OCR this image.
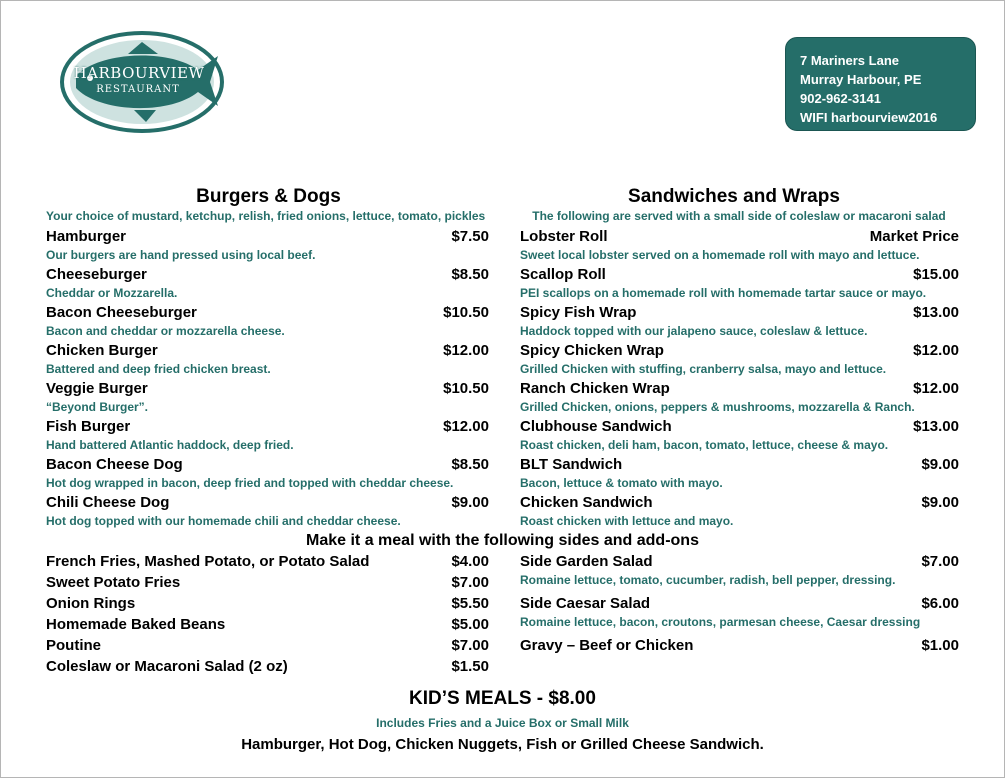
HARBOURVIEW
RESTAURANT
7 Mariners Lane
Murray Harbour, PE
902-962-3141
WIFI harbourview2016
Burgers & Dogs
Your choice of mustard, ketchup, relish, fried onions, lettuce, tomato, pickles
Hamburger	$7.50
Our burgers are hand pressed using local beef.
Cheeseburger	$8.50
Cheddar or Mozzarella.
Bacon Cheeseburger	$10.50
Bacon and cheddar or mozzarella cheese.
Chicken Burger	$12.00
Battered and deep fried chicken breast.
Veggie Burger	$10.50
“Beyond Burger”.
Fish Burger	$12.00
Hand battered Atlantic haddock, deep fried.
Bacon Cheese Dog	$8.50
Hot dog wrapped in bacon, deep fried and topped with cheddar cheese.
Chili Cheese Dog	$9.00
Hot dog topped with our homemade chili and cheddar cheese.
Sandwiches and Wraps
The following are served with a small side of coleslaw or macaroni salad
Lobster Roll	Market Price
Sweet local lobster served on a homemade roll with mayo and lettuce.
Scallop Roll	$15.00
PEI scallops on a homemade roll with homemade tartar sauce or mayo.
Spicy Fish Wrap	$13.00
Haddock topped with our jalapeno sauce, coleslaw & lettuce.
Spicy Chicken Wrap	$12.00
Grilled Chicken with stuffing, cranberry salsa, mayo and lettuce.
Ranch Chicken Wrap	$12.00
Grilled Chicken, onions, peppers & mushrooms, mozzarella & Ranch.
Clubhouse Sandwich	$13.00
Roast chicken, deli ham, bacon, tomato, lettuce, cheese & mayo.
BLT Sandwich	$9.00
Bacon, lettuce & tomato with mayo.
Chicken Sandwich	$9.00
Roast chicken with lettuce and mayo.
Make it a meal with the following sides and add-ons
French Fries, Mashed Potato, or Potato Salad	$4.00
Sweet Potato Fries	$7.00
Onion Rings	$5.50
Homemade Baked Beans	$5.00
Poutine	$7.00
Coleslaw or Macaroni Salad (2 oz)	$1.50
Side Garden Salad	$7.00
Romaine lettuce, tomato, cucumber, radish, bell pepper, dressing.
Side Caesar Salad	$6.00
Romaine lettuce, bacon, croutons, parmesan cheese, Caesar dressing
Gravy – Beef or Chicken	$1.00
KID’S MEALS - $8.00
Includes Fries and a Juice Box or Small Milk
Hamburger, Hot Dog, Chicken Nuggets, Fish or Grilled Cheese Sandwich.
